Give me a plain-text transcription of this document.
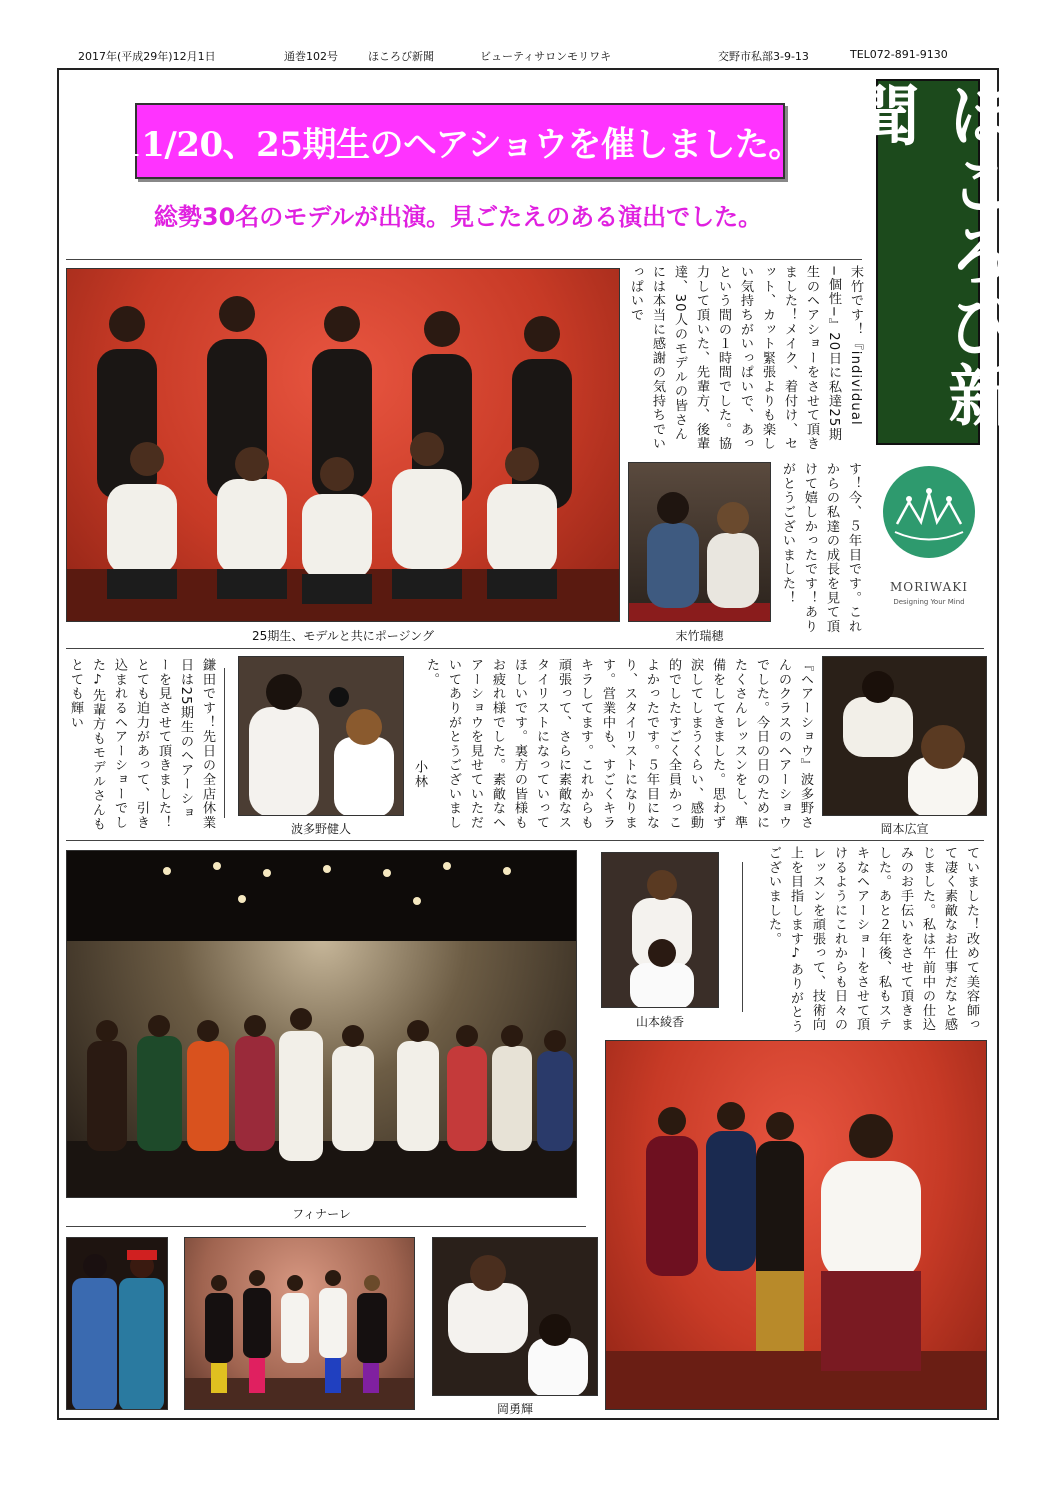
2017年(平成29年)12月1日	通巻102号	ほころび新聞	ビューティサロンモリワキ	交野市私部3-9-13	TEL072-891-9130
11/20、25期生のヘアショウを催しました。
総勢30名のモデルが出演。見ごたえのある演出でした。	ほころび新聞
MORIWAKI
Designing Your Mind
25期生、モデルと共にポージング	末竹瑞穂
波多野健人	岡本広宣
フィナーレ
山本綾香
岡勇輝
末竹です！『individual −個性−』20日に私達25期生のヘアショーをさせて頂きました！メイク、着付け、セット、カット緊張よりも楽しい気持ちがいっぱいで、あっという間の１時間でした。協力して頂いた、先輩方、後輩達、30人のモデルの皆さんには本当に感謝の気持ちでいっぱいで
す！今、５年目です。これからの私達の成長を見て頂けて嬉しかったです！ありがとうございました！
『ヘアーショウ』波多野さんのクラスのヘアーショウでした。今日の日のためにたくさんレッスンをし、準備をしてきました。思わず涙してしまうくらい、感動的でしたすごく全員かっこよかったです。５年目になり、スタイリストになります。営業中も、すごくキラキラしてます。これからも頑張って、さらに素敵なスタイリストになっていってほしいです。裏方の皆様もお疲れ様でした。素敵なヘアーショウを見せていただいてありがとうございました。
小林
鎌田です！先日の全店休業日は25期生のヘアーショーを見させて頂きました！とても迫力があって、引き込まれるヘアーショーでした♪先輩方もモデルさんもとても輝い
ていました！改めて美容師って凄く素敵なお仕事だなと感じました。私は午前中の仕込みのお手伝いをさせて頂きました。あと２年後、私もステキなヘアーショーをさせて頂けるようにこれからも日々のレッスンを頑張って、技術向上を目指します♪ありがとうございました。
